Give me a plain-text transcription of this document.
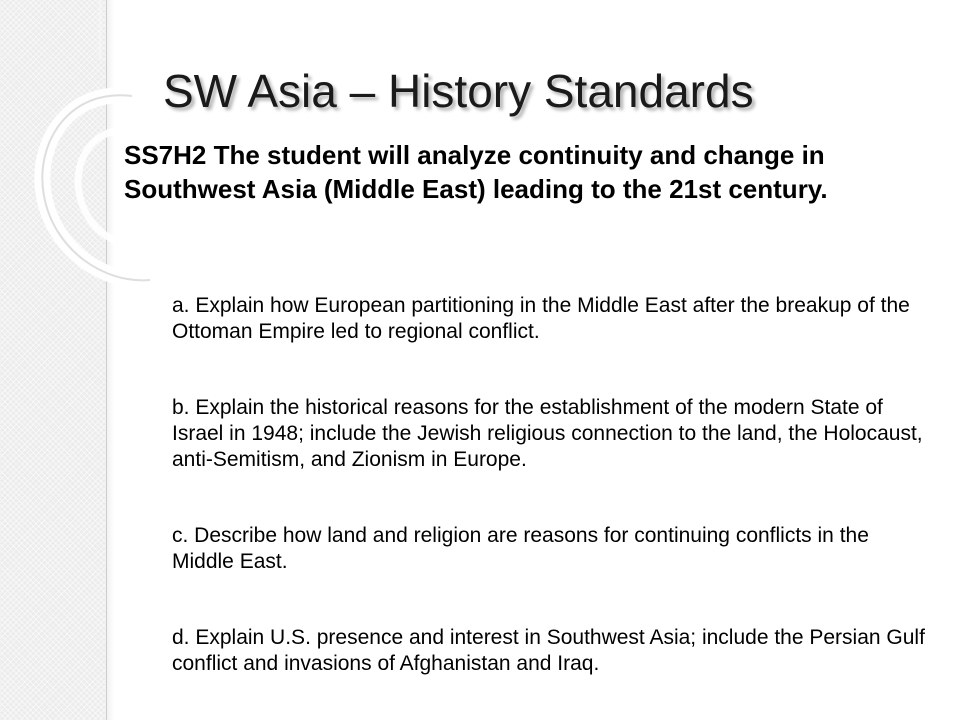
SW Asia – History Standards
SS7H2 The student will analyze continuity and change in Southwest Asia (Middle East) leading to the 21st century.
a. Explain how European partitioning in the Middle East after the breakup of the Ottoman Empire led to regional conflict.
b. Explain the historical reasons for the establishment of the modern State of Israel in 1948; include the Jewish religious connection to the land, the Holocaust, anti-Semitism, and Zionism in Europe.
c. Describe how land and religion are reasons for continuing conflicts in the Middle East.
d. Explain U.S. presence and interest in Southwest Asia; include the Persian Gulf conflict and invasions of Afghanistan and Iraq.
